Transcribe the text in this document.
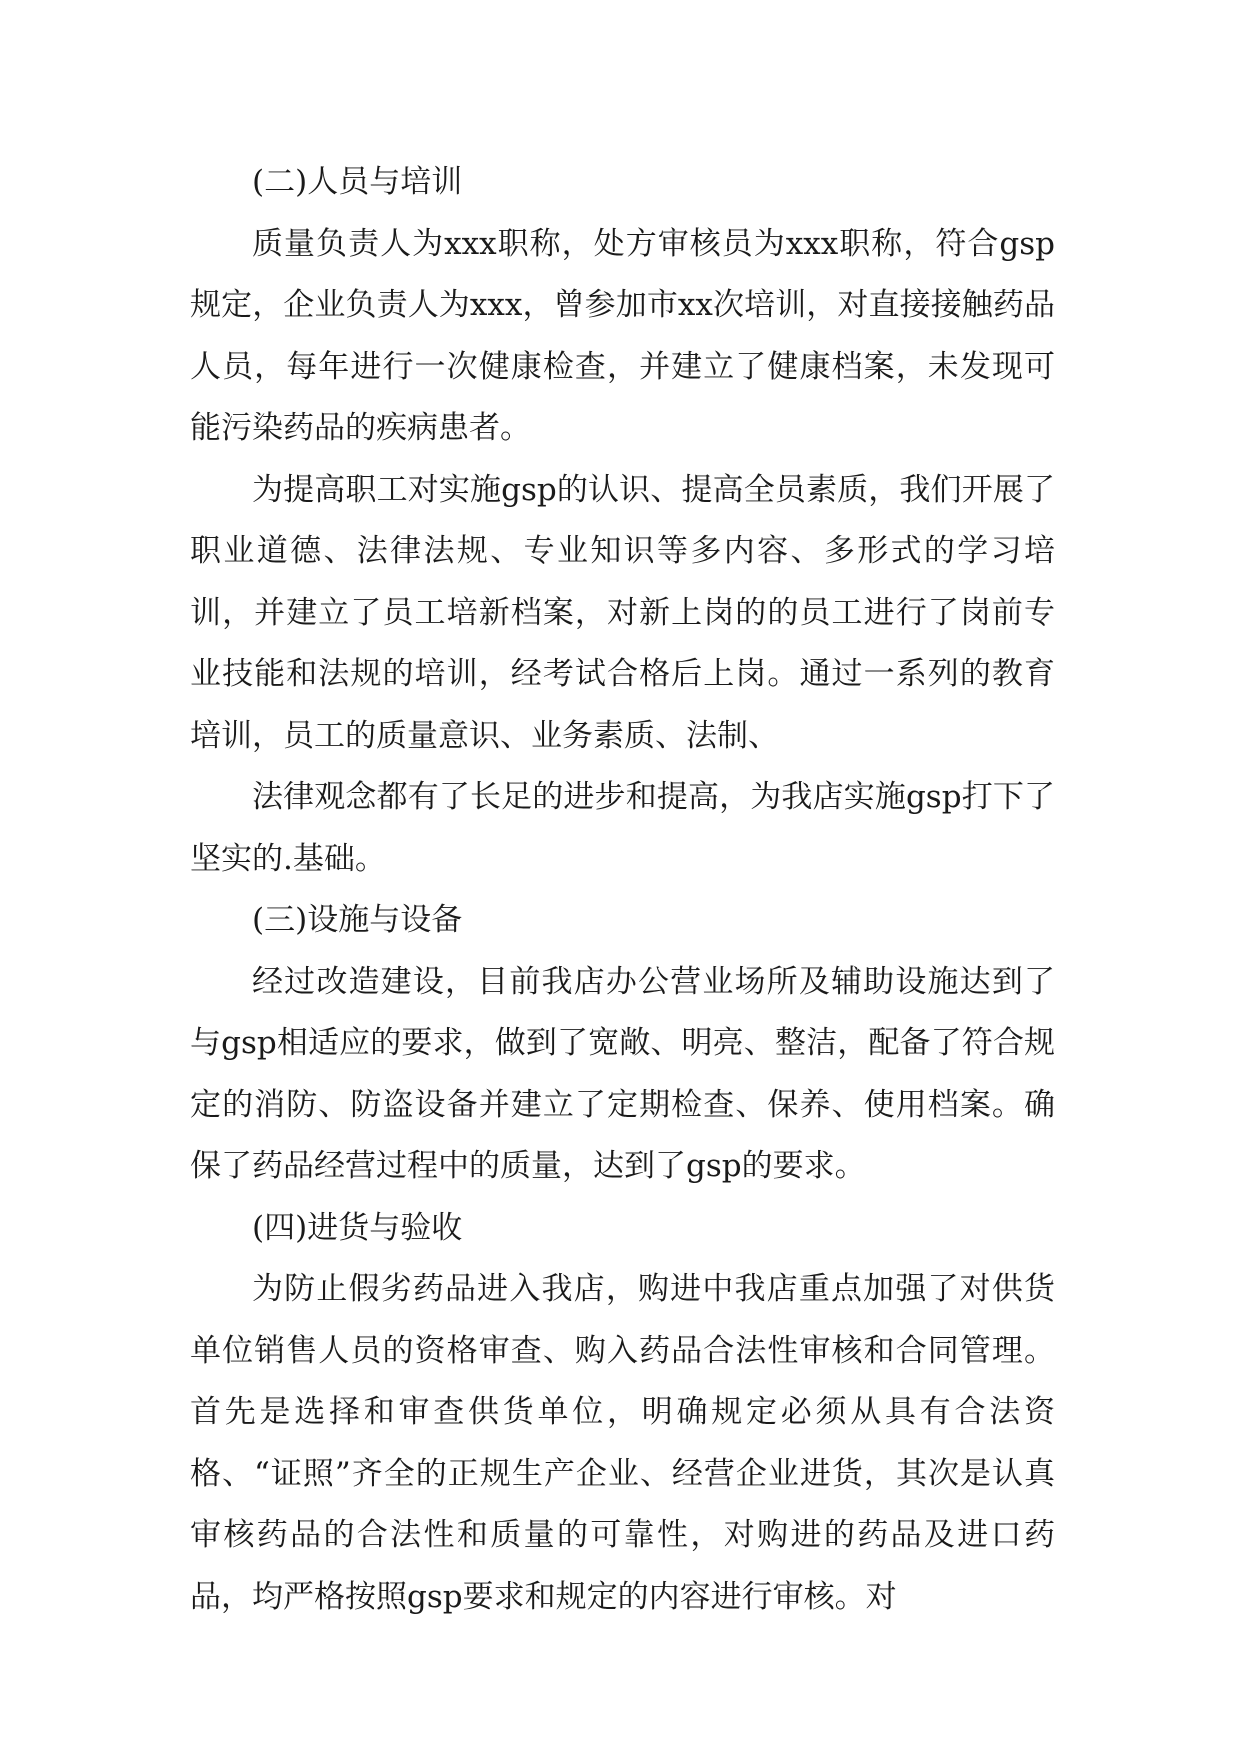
(二)人员与培训

质量负责人为xxx职称，处方审核员为xxx职称，符合gsp规定，企业负责人为xxx，曾参加市xx次培训，对直接接触药品人员，每年进行一次健康检查，并建立了健康档案，未发现可能污染药品的疾病患者。

为提高职工对实施gsp的认识、提高全员素质，我们开展了职业道德、法律法规、专业知识等多内容、多形式的学习培训，并建立了员工培新档案，对新上岗的的员工进行了岗前专业技能和法规的培训，经考试合格后上岗。通过一系列的教育培训，员工的质量意识、业务素质、法制、

法律观念都有了长足的进步和提高，为我店实施gsp打下了坚实的.基础。

(三)设施与设备

经过改造建设，目前我店办公营业场所及辅助设施达到了与gsp相适应的要求，做到了宽敞、明亮、整洁，配备了符合规定的消防、防盗设备并建立了定期检查、保养、使用档案。确保了药品经营过程中的质量，达到了gsp的要求。

(四)进货与验收

为防止假劣药品进入我店，购进中我店重点加强了对供货单位销售人员的资格审查、购入药品合法性审核和合同管理。首先是选择和审查供货单位，明确规定必须从具有合法资格、“证照”齐全的正规生产企业、经营企业进货，其次是认真审核药品的合法性和质量的可靠性，对购进的药品及进口药品，均严格按照gsp要求和规定的内容进行审核。对
